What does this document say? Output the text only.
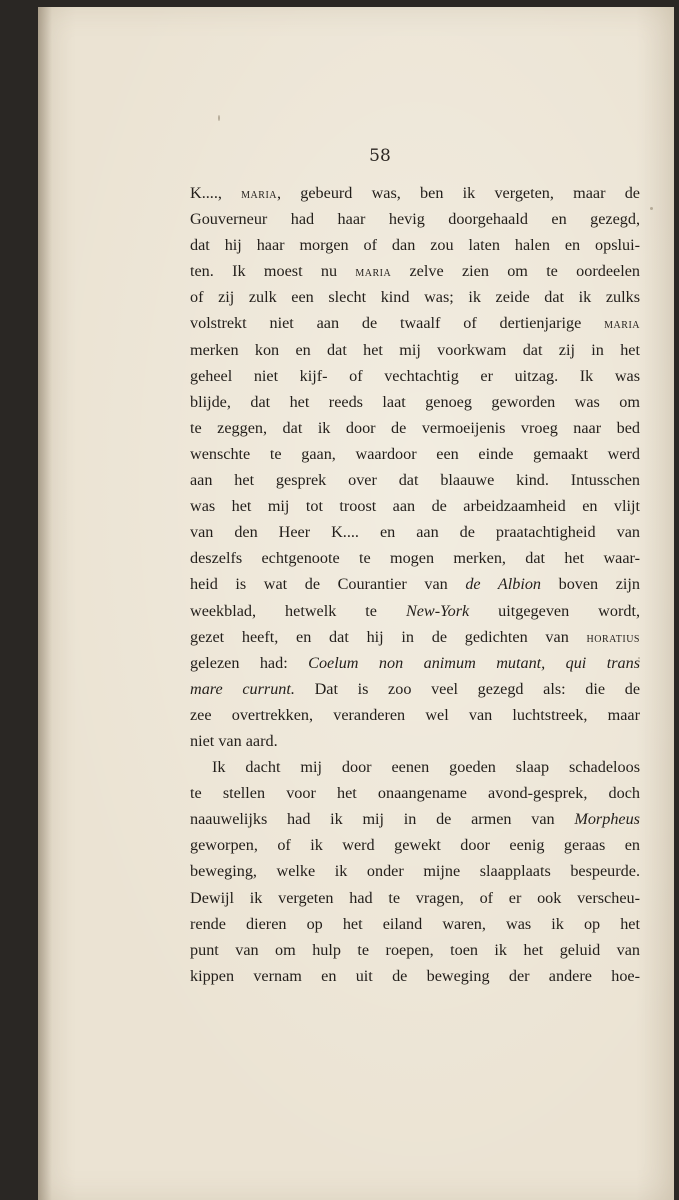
58

K...., maria, gebeurd was, ben ik vergeten, maar de
Gouverneur had haar hevig doorgehaald en gezegd,
dat hij haar morgen of dan zou laten halen en opslui-
ten. Ik moest nu maria zelve zien om te oordeelen
of zij zulk een slecht kind was; ik zeide dat ik zulks
volstrekt niet aan de twaalf of dertienjarige maria
merken kon en dat het mij voorkwam dat zij in het
geheel niet kijf- of vechtachtig er uitzag. Ik was
blijde, dat het reeds laat genoeg geworden was om
te zeggen, dat ik door de vermoeijenis vroeg naar bed
wenschte te gaan, waardoor een einde gemaakt werd
aan het gesprek over dat blaauwe kind. Intusschen
was het mij tot troost aan de arbeidzaamheid en vlijt
van den Heer K.... en aan de praatachtigheid van
deszelfs echtgenoote te mogen merken, dat het waar-
heid is wat de Courantier van de Albion boven zijn
weekblad, hetwelk te New-York uitgegeven wordt,
gezet heeft, en dat hij in de gedichten van horatius
gelezen had: Coelum non animum mutant, qui trans
mare currunt. Dat is zoo veel gezegd als: die de
zee overtrekken, veranderen wel van luchtstreek, maar
niet van aard.
Ik dacht mij door eenen goeden slaap schadeloos
te stellen voor het onaangename avond-gesprek, doch
naauwelijks had ik mij in de armen van Morpheus
geworpen, of ik werd gewekt door eenig geraas en
beweging, welke ik onder mijne slaapplaats bespeurde.
Dewijl ik vergeten had te vragen, of er ook verscheu-
rende dieren op het eiland waren, was ik op het
punt van om hulp te roepen, toen ik het geluid van
kippen vernam en uit de beweging der andere hoe-
